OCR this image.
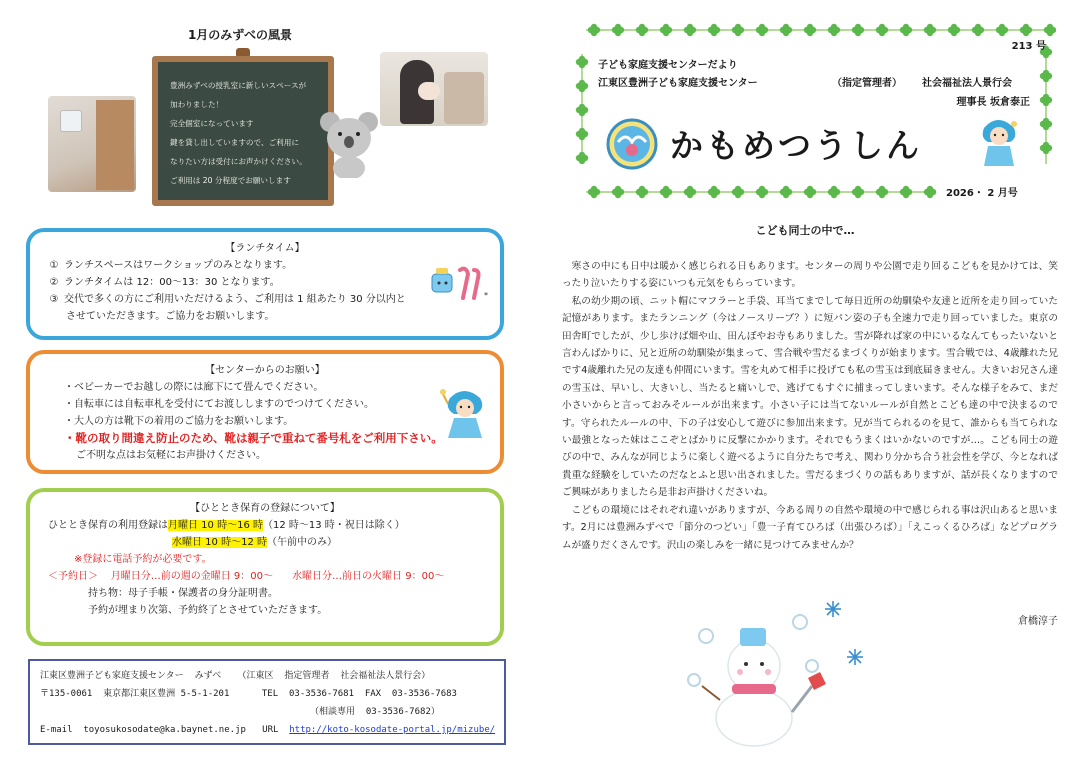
1月のみずべの風景
豊洲みずべの授乳室に新しいスペースが
加わりました！
完全個室になっています
鍵を貸し出していますので、ご利用に
なりたい方は受付にお声かけください。
ご利用は 20 分程度でお願いします
【ランチタイム】
① ランチスペースはワークショップのみとなります。
② ランチタイムは 12：00～13：30 となります。
③ 交代で多くの方にご利用いただけるよう、ご利用は 1 組あたり 30 分以内と
させていただきます。ご協力をお願いします。
*
【センターからのお願い】
・ベビーカーでお越しの際には廊下にて畳んでください。
・自転車には自転車札を受付にてお渡ししますのでつけてください。
・大人の方は靴下の着用のご協力をお願いします。
・靴の取り間違え防止のため、靴は親子で重ねて番号札をご利用下さい。
ご不明な点はお気軽にお声掛けください。
【ひととき保育の登録について】
ひととき保育の利用登録は月曜日 10 時～16 時（12 時～13 時・祝日は除く）
水曜日 10 時～12 時（午前中のみ）
※登録に電話予約が必要です。
＜予約日＞ 月曜日分…前の週の金曜日 9：00～ 水曜日分…前日の火曜日 9：00～
持ち物：母子手帳・保護者の身分証明書。
予約が埋まり次第、予約終了とさせていただきます。
江東区豊洲子ども家庭支援センター  みずべ   （江東区  指定管理者  社会福祉法人景行会）
〒135-0061  東京都江東区豊洲 5-5-1-201	TEL  03-3536-7681  FAX  03-3536-7683
（相談専用  03-3536-7682）
E-mail  toyosukosodate@ka.baynet.ne.jp   URL  http://koto-kosodate-portal.jp/mizube/
213 号
子ども家庭支援センターだより
江東区豊洲子ども家庭支援センター	（指定管理者） 社会福祉法人景行会
理事長 坂倉泰正
かもめつうしん
2026・ 2 月号
こども同士の中で…

寒さの中にも日中は暖かく感じられる日もあります。センターの周りや公園で走り回るこどもを見かけては、笑ったり泣いたりする姿にいつも元気をもらっています。

私の幼少期の頃、ニット帽にマフラーと手袋、耳当てまでして毎日近所の幼馴染や友達と近所を走り回っていた記憶があります。またランニング（今はノースリーブ？）に短パン姿の子も全速力で走り回っていました。東京の田舎町でしたが、少し歩けば畑や山、田んぼやお寺もありました。雪が降れば家の中にいるなんてもったいないと言わんばかりに、兄と近所の幼馴染が集まって、雪合戦や雪だるまづくりが始まります。雪合戦では、4歳離れた兄です4歳離れた兄の友達も仲間にいます。雪を丸めて相手に投げても私の雪玉は到底届きません。大きいお兄さん達の雪玉は、早いし、大きいし、当たると痛いしで、逃げてもすぐに捕まってしまいます。そんな様子をみて、まだ小さいからと言っておみそルールが出来ます。小さい子には当てないルールが自然とこども達の中で決まるのです。守られたルールの中、下の子は安心して遊びに参加出来ます。兄が当てられるのを見て、誰からも当てられない最強となった妹はここぞとばかりに反撃にかかります。それでもうまくはいかないのですが…。こども同士の遊びの中で、みんなが同じように楽しく遊べるように自分たちで考え、関わり分かち合う社会性を学び、今となれば貴重な経験をしていたのだなとふと思い出されました。雪だるまづくりの話もありますが、話が長くなりますのでご興味がありましたら是非お声掛けくださいね。

こどもの環境にはそれぞれ違いがありますが、今ある周りの自然や環境の中で感じられる事は沢山あると思います。2月には豊洲みずべで「節分のつどい」「豊一子育てひろば（出張ひろば）」「えこっくるひろば」などプログラムが盛りだくさんです。沢山の楽しみを一緒に見つけてみませんか？

倉橋淳子
